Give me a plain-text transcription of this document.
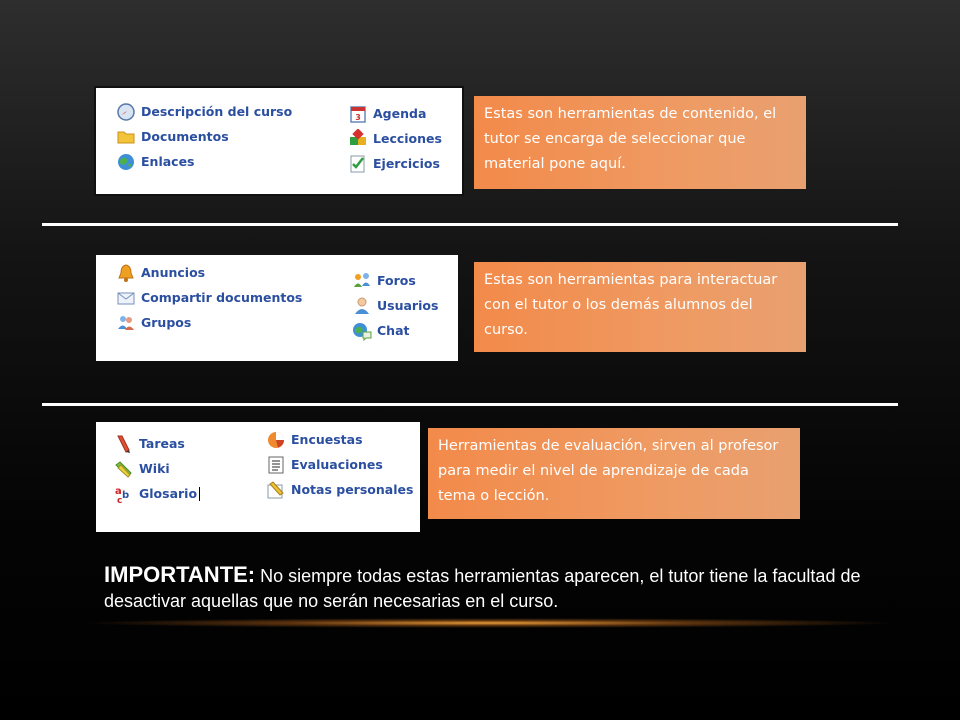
Descripción del curso
Documentos
Enlaces
3 Agenda
Lecciones
Ejercicios
Estas son herramientas de contenido, el tutor se encarga de seleccionar que material pone aquí.
Anuncios
Compartir documentos
Grupos
Foros
Usuarios
Chat
Estas son herramientas para interactuar con el tutor o los demás alumnos del curso.
Tareas
Wiki
a b
c Glosario
Encuestas
Evaluaciones
Notas personales
Herramientas de evaluación, sirven al profesor para medir el nivel de aprendizaje de cada tema o lección.
IMPORTANTE: No siempre todas estas herramientas aparecen, el tutor tiene la facultad de desactivar aquellas que no serán necesarias en el curso.
